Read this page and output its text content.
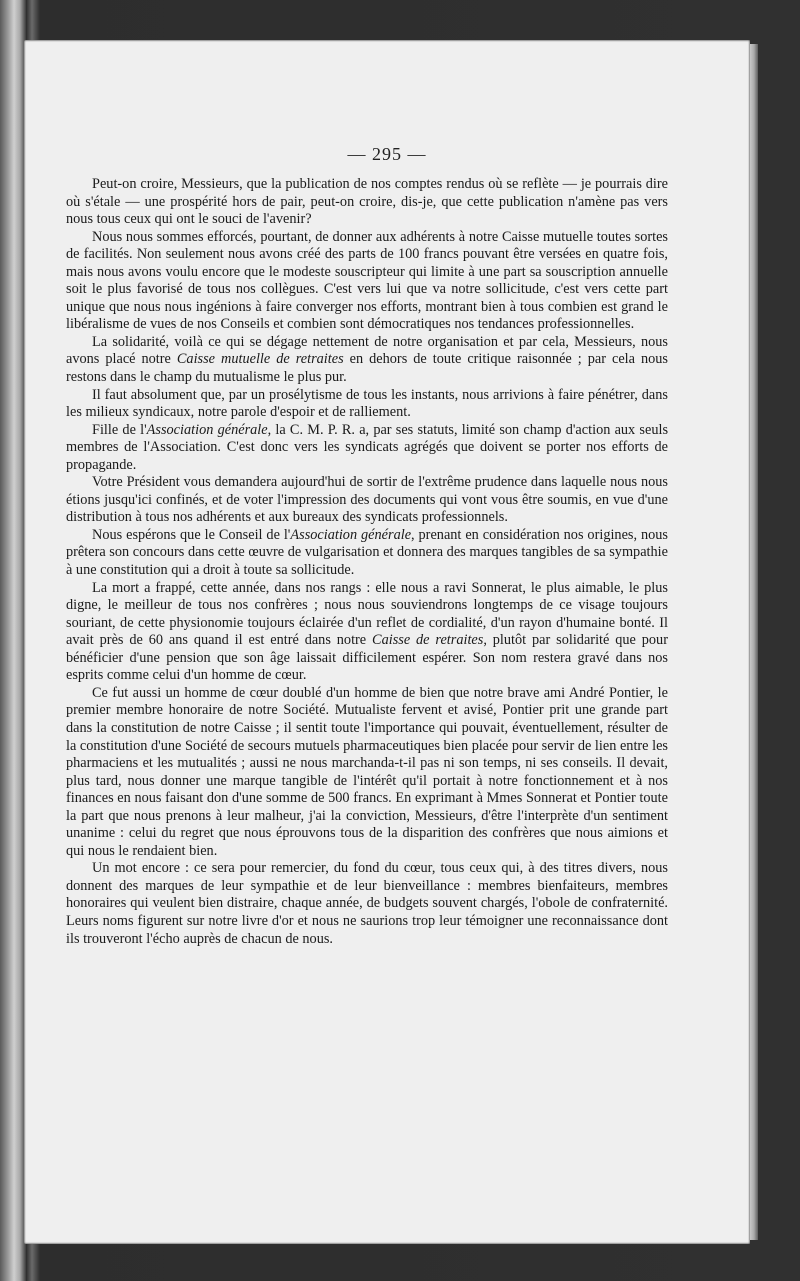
— 295 —

Peut-on croire, Messieurs, que la publication de nos comptes rendus où se reflète — je pourrais dire où s'étale — une prospérité hors de pair, peut-on croire, dis-je, que cette publication n'amène pas vers nous tous ceux qui ont le souci de l'avenir?

Nous nous sommes efforcés, pourtant, de donner aux adhérents à notre Caisse mutuelle toutes sortes de facilités. Non seulement nous avons créé des parts de 100 francs pouvant être versées en quatre fois, mais nous avons voulu encore que le modeste souscripteur qui limite à une part sa souscription annuelle soit le plus favorisé de tous nos collègues. C'est vers lui que va notre sollicitude, c'est vers cette part unique que nous nous ingénions à faire converger nos efforts, montrant bien à tous combien est grand le libéralisme de vues de nos Conseils et combien sont démocratiques nos tendances professionnelles.

La solidarité, voilà ce qui se dégage nettement de notre organisation et par cela, Messieurs, nous avons placé notre Caisse mutuelle de retraites en dehors de toute critique raisonnée ; par cela nous restons dans le champ du mutualisme le plus pur.

Il faut absolument que, par un prosélytisme de tous les instants, nous arrivions à faire pénétrer, dans les milieux syndicaux, notre parole d'espoir et de ralliement.

Fille de l'Association générale, la C. M. P. R. a, par ses statuts, limité son champ d'action aux seuls membres de l'Association. C'est donc vers les syndicats agrégés que doivent se porter nos efforts de propagande.

Votre Président vous demandera aujourd'hui de sortir de l'extrême prudence dans laquelle nous nous étions jusqu'ici confinés, et de voter l'impression des documents qui vont vous être soumis, en vue d'une distribution à tous nos adhérents et aux bureaux des syndicats professionnels.

Nous espérons que le Conseil de l'Association générale, prenant en considération nos origines, nous prêtera son concours dans cette œuvre de vulgarisation et donnera des marques tangibles de sa sympathie à une constitution qui a droit à toute sa sollicitude.

La mort a frappé, cette année, dans nos rangs : elle nous a ravi Sonnerat, le plus aimable, le plus digne, le meilleur de tous nos confrères ; nous nous souviendrons longtemps de ce visage toujours souriant, de cette physionomie toujours éclairée d'un reflet de cordialité, d'un rayon d'humaine bonté. Il avait près de 60 ans quand il est entré dans notre Caisse de retraites, plutôt par solidarité que pour bénéficier d'une pension que son âge laissait difficilement espérer. Son nom restera gravé dans nos esprits comme celui d'un homme de cœur.

Ce fut aussi un homme de cœur doublé d'un homme de bien que notre brave ami André Pontier, le premier membre honoraire de notre Société. Mutualiste fervent et avisé, Pontier prit une grande part dans la constitution de notre Caisse ; il sentit toute l'importance qui pouvait, éventuellement, résulter de la constitution d'une Société de secours mutuels pharmaceutiques bien placée pour servir de lien entre les pharmaciens et les mutualités ; aussi ne nous marchanda-t-il pas ni son temps, ni ses conseils. Il devait, plus tard, nous donner une marque tangible de l'intérêt qu'il portait à notre fonctionnement et à nos finances en nous faisant don d'une somme de 500 francs. En exprimant à Mmes Sonnerat et Pontier toute la part que nous prenons à leur malheur, j'ai la conviction, Messieurs, d'être l'interprète d'un sentiment unanime : celui du regret que nous éprouvons tous de la disparition des confrères que nous aimions et qui nous le rendaient bien.

Un mot encore : ce sera pour remercier, du fond du cœur, tous ceux qui, à des titres divers, nous donnent des marques de leur sympathie et de leur bienveillance : membres bienfaiteurs, membres honoraires qui veulent bien distraire, chaque année, de budgets souvent chargés, l'obole de confraternité. Leurs noms figurent sur notre livre d'or et nous ne saurions trop leur témoigner une reconnaissance dont ils trouveront l'écho auprès de chacun de nous.
